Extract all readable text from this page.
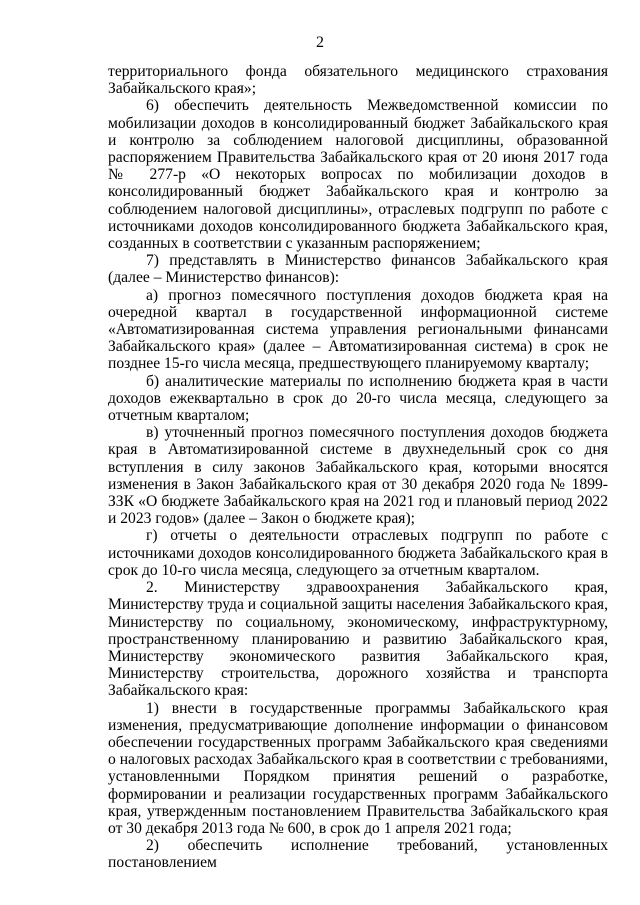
2

территориального фонда обязательного медицинского страхования Забайкальского края»;

6) обеспечить деятельность Межведомственной комиссии по мобилизации доходов в консолидированный бюджет Забайкальского края и контролю за соблюдением налоговой дисциплины, образованной распоряжением Правительства Забайкальского края от 20 июня 2017 года № 277-р «О некоторых вопросах по мобилизации доходов в консолидированный бюджет Забайкальского края и контролю за соблюдением налоговой дисциплины», отраслевых подгрупп по работе с источниками доходов консолидированного бюджета Забайкальского края, созданных в соответствии с указанным распоряжением;

7) представлять в Министерство финансов Забайкальского края (далее – Министерство финансов):

а) прогноз помесячного поступления доходов бюджета края на очередной квартал в государственной информационной системе «Автоматизированная система управления региональными финансами Забайкальского края» (далее – Автоматизированная система) в срок не позднее 15-го числа месяца, предшествующего планируемому кварталу;

б) аналитические материалы по исполнению бюджета края в части доходов ежеквартально в срок до 20-го числа месяца, следующего за отчетным кварталом;

в) уточненный прогноз помесячного поступления доходов бюджета края в Автоматизированной системе в двухнедельный срок со дня вступления в силу законов Забайкальского края, которыми вносятся изменения в Закон Забайкальского края от 30 декабря 2020 года № 1899-ЗЗК «О бюджете Забайкальского края на 2021 год и плановый период 2022 и 2023 годов» (далее – Закон о бюджете края);

г) отчеты о деятельности отраслевых подгрупп по работе с источниками доходов консолидированного бюджета Забайкальского края в срок до 10-го числа месяца, следующего за отчетным кварталом.

2. Министерству здравоохранения Забайкальского края, Министерству труда и социальной защиты населения Забайкальского края, Министерству по социальному, экономическому, инфраструктурному, пространственному планированию и развитию Забайкальского края, Министерству экономического развития Забайкальского края, Министерству строительства, дорожного хозяйства и транспорта Забайкальского края:

1) внести в государственные программы Забайкальского края изменения, предусматривающие дополнение информации о финансовом обеспечении государственных программ Забайкальского края сведениями о налоговых расходах Забайкальского края в соответствии с требованиями, установленными Порядком принятия решений о разработке, формировании и реализации государственных программ Забайкальского края, утвержденным постановлением Правительства Забайкальского края от 30 декабря 2013 года № 600, в срок до 1 апреля 2021 года;

2) обеспечить исполнение требований, установленных постановлением
